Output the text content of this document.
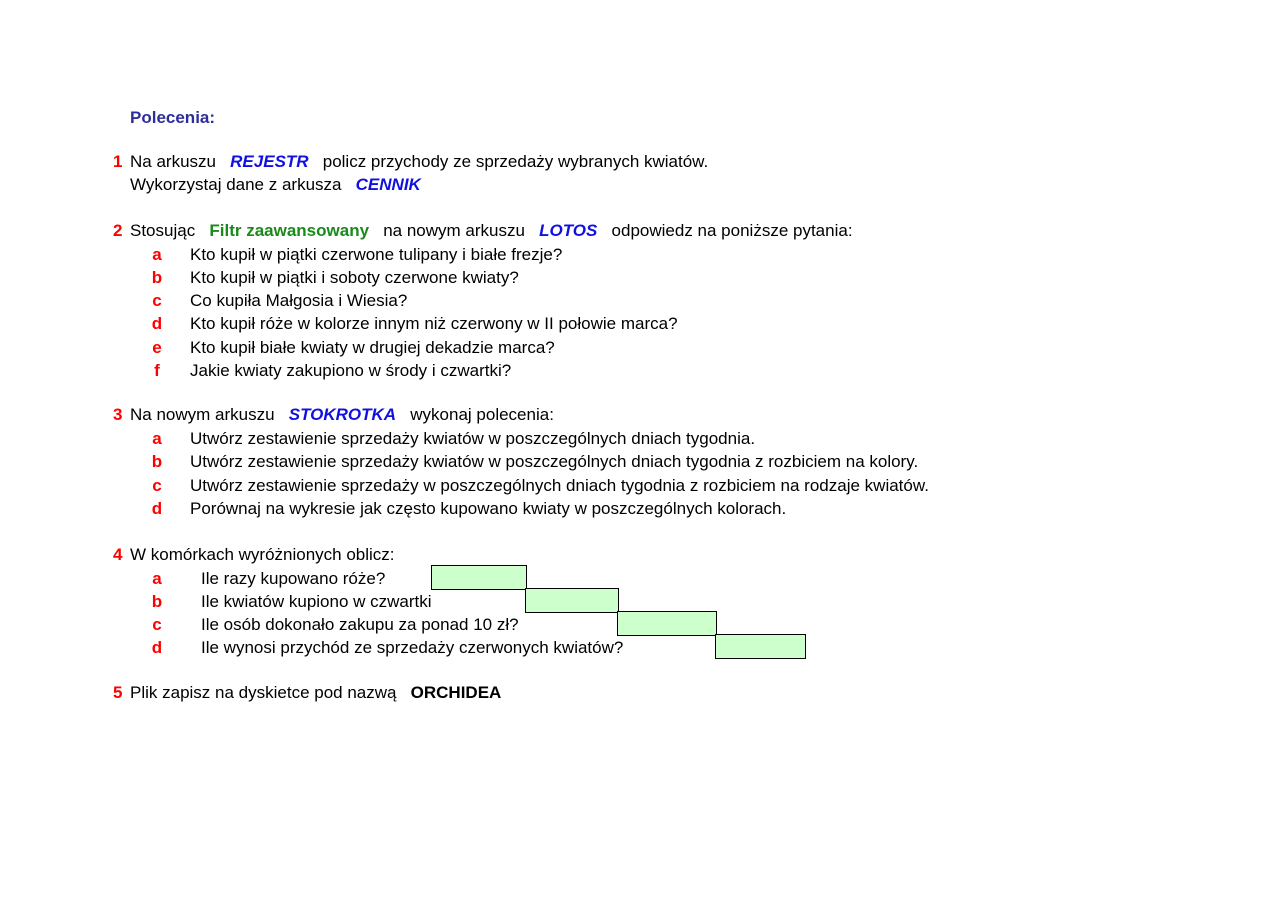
Polecenia:
1 Na arkuszu REJESTR policz przychody ze sprzedaży wybranych kwiatów.
Wykorzystaj dane z arkusza CENNIK
2 Stosując Filtr zaawansowany na nowym arkuszu LOTOS odpowiedz na poniższe pytania:
a Kto kupił w piątki czerwone tulipany i białe frezje?
b Kto kupił w piątki i soboty czerwone kwiaty?
c Co kupiła Małgosia i Wiesia?
d Kto kupił róże w kolorze innym niż czerwony w II połowie marca?
e Kto kupił białe kwiaty w drugiej dekadzie marca?
f Jakie kwiaty zakupiono w środy i czwartki?
3 Na nowym arkuszu STOKROTKA wykonaj polecenia:
a Utwórz zestawienie sprzedaży kwiatów w poszczególnych dniach tygodnia.
b Utwórz zestawienie sprzedaży kwiatów w poszczególnych dniach tygodnia z rozbiciem na kolory.
c Utwórz zestawienie sprzedaży w poszczególnych dniach tygodnia z rozbiciem na rodzaje kwiatów.
d Porównaj na wykresie jak często kupowano kwiaty w poszczególnych kolorach.
4 W komórkach wyróżnionych oblicz:
a Ile razy kupowano róże?
b Ile kwiatów kupiono w czwartki
c Ile osób dokonało zakupu za ponad 10 zł?
d Ile wynosi przychód ze sprzedaży czerwonych kwiatów?
5 Plik zapisz na dyskietce pod nazwą ORCHIDEA
